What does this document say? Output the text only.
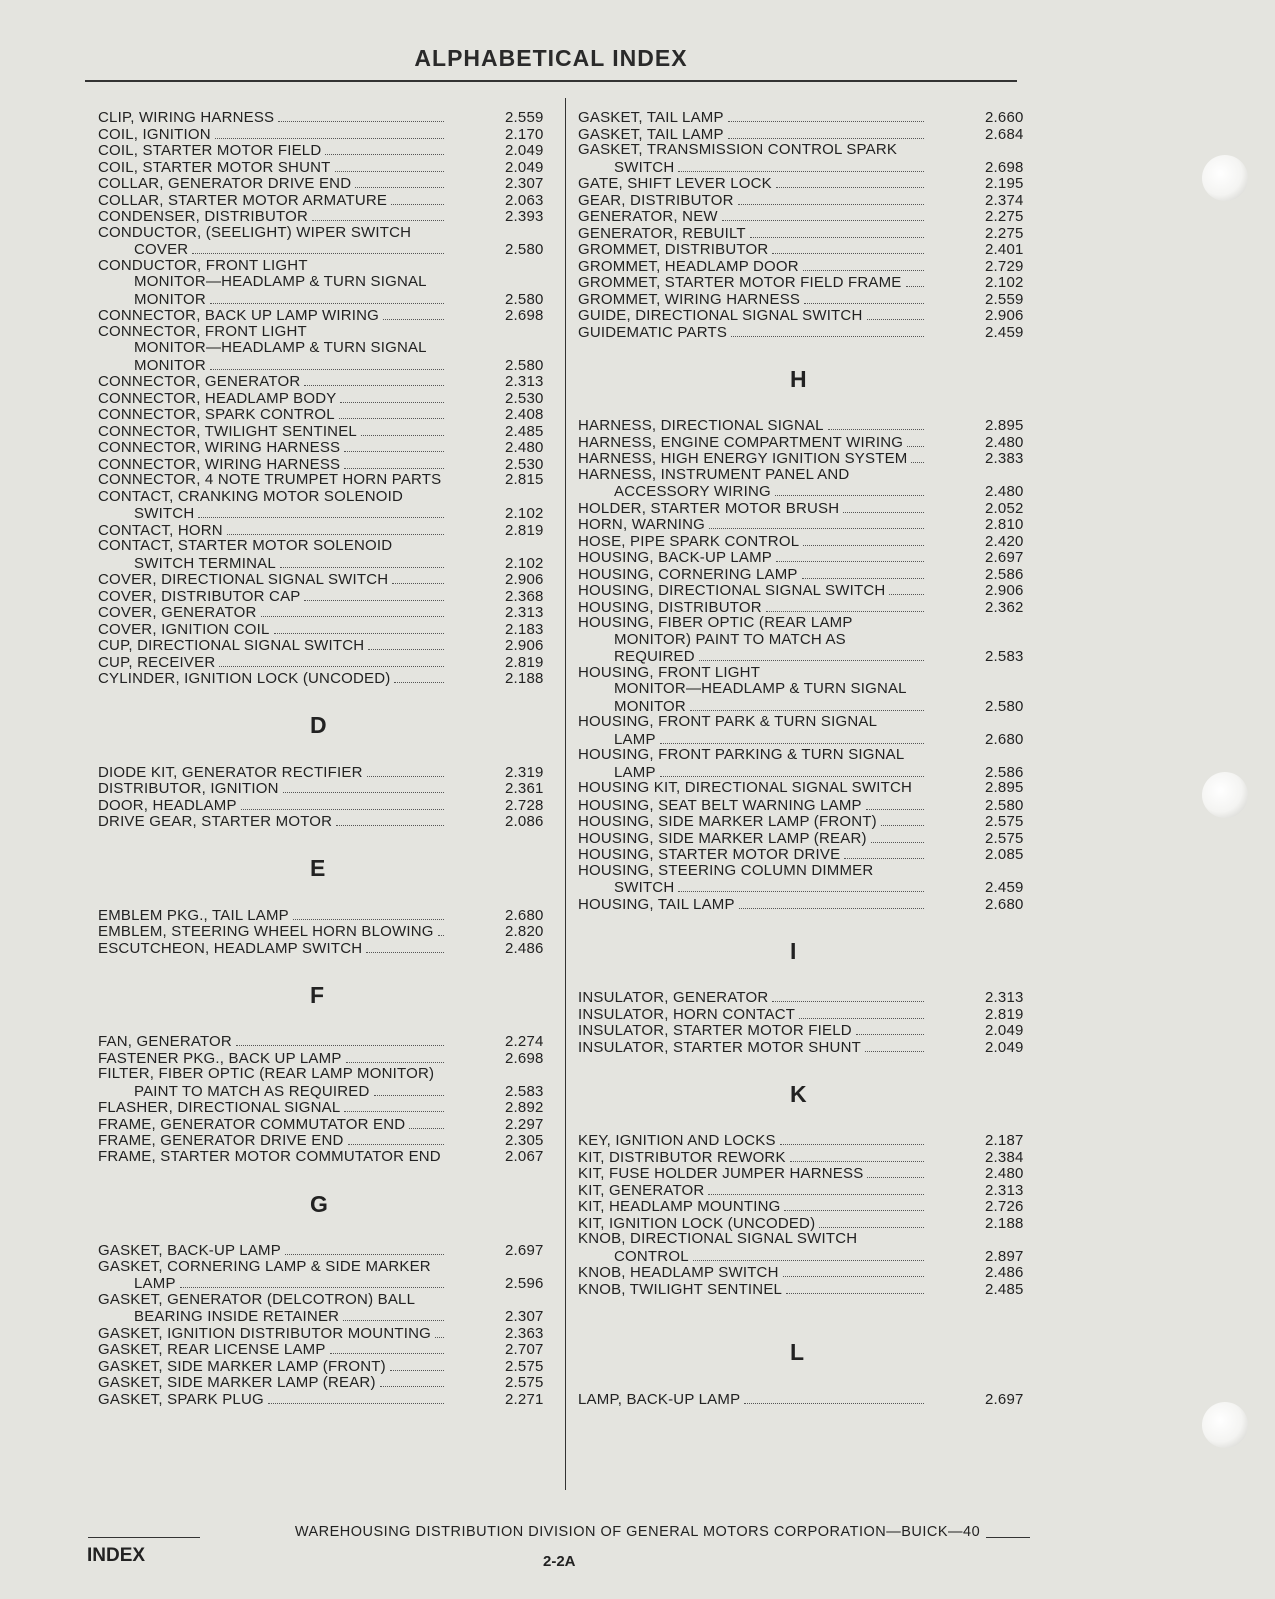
ALPHABETICAL INDEX
CLIP, WIRING HARNESS	2.559
COIL, IGNITION	2.170
COIL, STARTER MOTOR FIELD	2.049
COIL, STARTER MOTOR SHUNT	2.049
COLLAR, GENERATOR DRIVE END	2.307
COLLAR, STARTER MOTOR ARMATURE	2.063
CONDENSER, DISTRIBUTOR	2.393
CONDUCTOR, (SEELIGHT) WIPER SWITCH
COVER	2.580
CONDUCTOR, FRONT LIGHT
MONITOR—HEADLAMP & TURN SIGNAL
MONITOR	2.580
CONNECTOR, BACK UP LAMP WIRING	2.698
CONNECTOR, FRONT LIGHT
MONITOR—HEADLAMP & TURN SIGNAL
MONITOR	2.580
CONNECTOR, GENERATOR	2.313
CONNECTOR, HEADLAMP BODY	2.530
CONNECTOR, SPARK CONTROL	2.408
CONNECTOR, TWILIGHT SENTINEL	2.485
CONNECTOR, WIRING HARNESS	2.480
CONNECTOR, WIRING HARNESS	2.530
CONNECTOR, 4 NOTE TRUMPET HORN PARTS	2.815
CONTACT, CRANKING MOTOR SOLENOID
SWITCH	2.102
CONTACT, HORN	2.819
CONTACT, STARTER MOTOR SOLENOID
SWITCH TERMINAL	2.102
COVER, DIRECTIONAL SIGNAL SWITCH	2.906
COVER, DISTRIBUTOR CAP	2.368
COVER, GENERATOR	2.313
COVER, IGNITION COIL	2.183
CUP, DIRECTIONAL SIGNAL SWITCH	2.906
CUP, RECEIVER	2.819
CYLINDER, IGNITION LOCK (UNCODED)	2.188
D
DIODE KIT, GENERATOR RECTIFIER	2.319
DISTRIBUTOR, IGNITION	2.361
DOOR, HEADLAMP	2.728
DRIVE GEAR, STARTER MOTOR	2.086
E
EMBLEM PKG., TAIL LAMP	2.680
EMBLEM, STEERING WHEEL HORN BLOWING	2.820
ESCUTCHEON, HEADLAMP SWITCH	2.486
F
FAN, GENERATOR	2.274
FASTENER PKG., BACK UP LAMP	2.698
FILTER, FIBER OPTIC (REAR LAMP MONITOR)
PAINT TO MATCH AS REQUIRED	2.583
FLASHER, DIRECTIONAL SIGNAL	2.892
FRAME, GENERATOR COMMUTATOR END	2.297
FRAME, GENERATOR DRIVE END	2.305
FRAME, STARTER MOTOR COMMUTATOR END	2.067
G
GASKET, BACK-UP LAMP	2.697
GASKET, CORNERING LAMP & SIDE MARKER
LAMP	2.596
GASKET, GENERATOR (DELCOTRON) BALL
BEARING INSIDE RETAINER	2.307
GASKET, IGNITION DISTRIBUTOR MOUNTING	2.363
GASKET, REAR LICENSE LAMP	2.707
GASKET, SIDE MARKER LAMP (FRONT)	2.575
GASKET, SIDE MARKER LAMP (REAR)	2.575
GASKET, SPARK PLUG	2.271
GASKET, TAIL LAMP	2.660
GASKET, TAIL LAMP	2.684
GASKET, TRANSMISSION CONTROL SPARK
SWITCH	2.698
GATE, SHIFT LEVER LOCK	2.195
GEAR, DISTRIBUTOR	2.374
GENERATOR, NEW	2.275
GENERATOR, REBUILT	2.275
GROMMET, DISTRIBUTOR	2.401
GROMMET, HEADLAMP DOOR	2.729
GROMMET, STARTER MOTOR FIELD FRAME	2.102
GROMMET, WIRING HARNESS	2.559
GUIDE, DIRECTIONAL SIGNAL SWITCH	2.906
GUIDEMATIC PARTS	2.459
H
HARNESS, DIRECTIONAL SIGNAL	2.895
HARNESS, ENGINE COMPARTMENT WIRING	2.480
HARNESS, HIGH ENERGY IGNITION SYSTEM	2.383
HARNESS, INSTRUMENT PANEL AND
ACCESSORY WIRING	2.480
HOLDER, STARTER MOTOR BRUSH	2.052
HORN, WARNING	2.810
HOSE, PIPE SPARK CONTROL	2.420
HOUSING, BACK-UP LAMP	2.697
HOUSING, CORNERING LAMP	2.586
HOUSING, DIRECTIONAL SIGNAL SWITCH	2.906
HOUSING, DISTRIBUTOR	2.362
HOUSING, FIBER OPTIC (REAR LAMP
MONITOR) PAINT TO MATCH AS
REQUIRED	2.583
HOUSING, FRONT LIGHT
MONITOR—HEADLAMP & TURN SIGNAL
MONITOR	2.580
HOUSING, FRONT PARK & TURN SIGNAL
LAMP	2.680
HOUSING, FRONT PARKING & TURN SIGNAL
LAMP	2.586
HOUSING KIT, DIRECTIONAL SIGNAL SWITCH	2.895
HOUSING, SEAT BELT WARNING LAMP	2.580
HOUSING, SIDE MARKER LAMP (FRONT)	2.575
HOUSING, SIDE MARKER LAMP (REAR)	2.575
HOUSING, STARTER MOTOR DRIVE	2.085
HOUSING, STEERING COLUMN DIMMER
SWITCH	2.459
HOUSING, TAIL LAMP	2.680
I
INSULATOR, GENERATOR	2.313
INSULATOR, HORN CONTACT	2.819
INSULATOR, STARTER MOTOR FIELD	2.049
INSULATOR, STARTER MOTOR SHUNT	2.049
K
KEY, IGNITION AND LOCKS	2.187
KIT, DISTRIBUTOR REWORK	2.384
KIT, FUSE HOLDER JUMPER HARNESS	2.480
KIT, GENERATOR	2.313
KIT, HEADLAMP MOUNTING	2.726
KIT, IGNITION LOCK (UNCODED)	2.188
KNOB, DIRECTIONAL SIGNAL SWITCH
CONTROL	2.897
KNOB, HEADLAMP SWITCH	2.486
KNOB, TWILIGHT SENTINEL	2.485
L
LAMP, BACK-UP LAMP	2.697
WAREHOUSING DISTRIBUTION DIVISION OF GENERAL MOTORS CORPORATION—BUICK—40
INDEX	2-2A
